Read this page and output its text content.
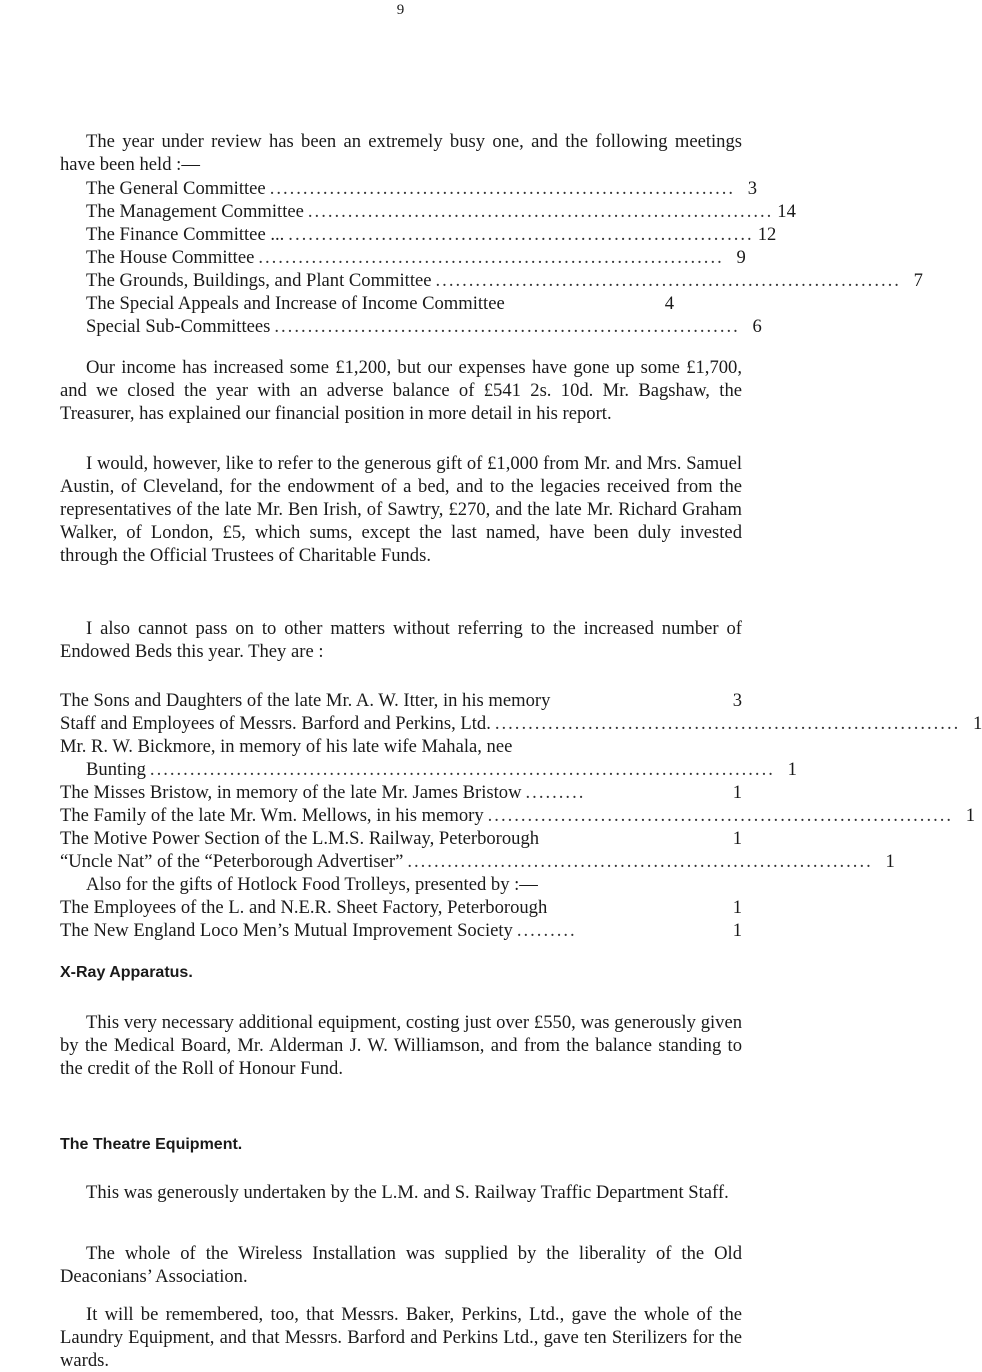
9

The year under review has been an extremely busy one, and the following meetings have been held :—

The General Committee ...................................................................... 3
The Management Committee ...................................................................... 14
The Finance Committee ... ...................................................................... 12
The House Committee ...................................................................... 9
The Grounds, Buildings, and Plant Committee ...................................................................... 7
The Special Appeals and Increase of Income Committee	4
Special Sub-Committees ...................................................................... 6

Our income has increased some £1,200, but our expenses have gone up some £1,700, and we closed the year with an adverse balance of £541 2s. 10d. Mr. Bagshaw, the Treasurer, has explained our financial position in more detail in his report.

I would, however, like to refer to the generous gift of £1,000 from Mr. and Mrs. Samuel Austin, of Cleveland, for the endowment of a bed, and to the legacies received from the representatives of the late Mr. Ben Irish, of Sawtry, £270, and the late Mr. Richard Graham Walker, of London, £5, which sums, except the last named, have been duly invested through the Official Trustees of Charitable Funds.

I also cannot pass on to other matters without referring to the increased number of Endowed Beds this year. They are :

The Sons and Daughters of the late Mr. A. W. Itter, in his memory	3
Staff and Employees of Messrs. Barford and Perkins, Ltd. ...................................................................... 1
Mr. R. W. Bickmore, in memory of his late wife Mahala, nee
Bunting .............................................................................................. 1
The Misses Bristow, in memory of the late Mr. James Bristow .........	1
The Family of the late Mr. Wm. Mellows, in his memory ...................................................................... 1
The Motive Power Section of the L.M.S. Railway, Peterborough	1
“Uncle Nat” of the “Peterborough Advertiser” ...................................................................... 1
Also for the gifts of Hotlock Food Trolleys, presented by :—
The Employees of the L. and N.E.R. Sheet Factory, Peterborough	1
The New England Loco Men’s Mutual Improvement Society .........	1
X-Ray Apparatus.

This very necessary additional equipment, costing just over £550, was generously given by the Medical Board, Mr. Alderman J. W. Williamson, and from the balance standing to the credit of the Roll of Honour Fund.

The Theatre Equipment.

This was generously undertaken by the L.M. and S. Railway Traffic Department Staff.

The whole of the Wireless Installation was supplied by the liberality of the Old Deaconians’ Association.

It will be remembered, too, that Messrs. Baker, Perkins, Ltd., gave the whole of the Laundry Equipment, and that Messrs. Barford and Perkins Ltd., gave ten Sterilizers for the wards.
